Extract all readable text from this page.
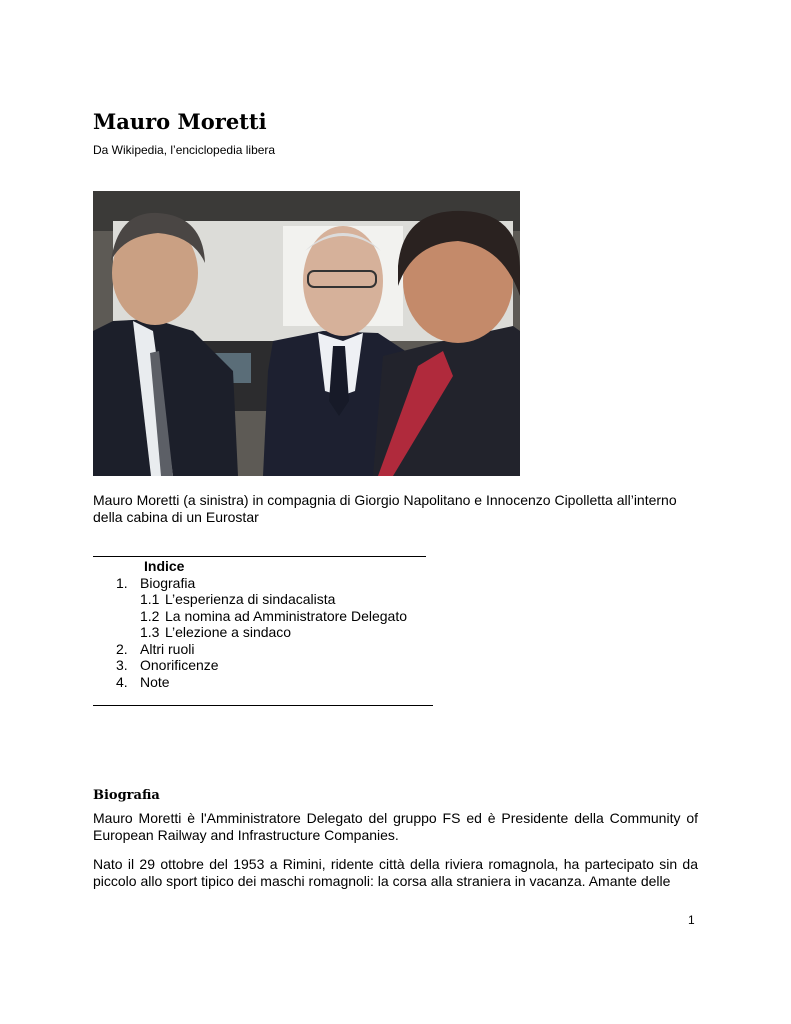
Mauro Moretti
Da Wikipedia, l’enciclopedia libera
Mauro Moretti (a sinistra) in compagnia di Giorgio Napolitano e Innocenzo Cipolletta all’interno della cabina di un Eurostar
Indice
1. Biografia
1.1 L’esperienza di sindacalista
1.2 La nomina ad Amministratore Delegato
1.3 L’elezione a sindaco
2. Altri ruoli
3. Onorificenze
4. Note
Biografia
Mauro Moretti è l'Amministratore Delegato del gruppo FS ed è Presidente della Community of European Railway and Infrastructure Companies.
Nato il 29 ottobre del 1953 a Rimini, ridente città della riviera romagnola, ha partecipato sin da piccolo allo sport tipico dei maschi romagnoli: la corsa alla straniera in vacanza. Amante delle
1
